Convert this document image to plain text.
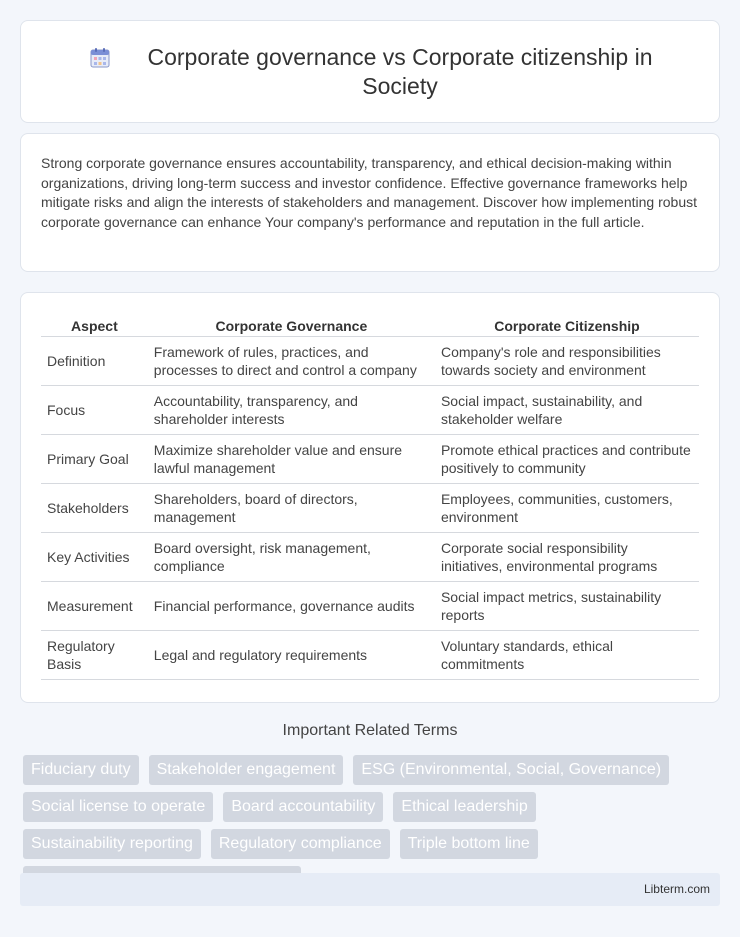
Corporate governance vs Corporate citizenship in Society

Strong corporate governance ensures accountability, transparency, and ethical decision-making within organizations, driving long-term success and investor confidence. Effective governance frameworks help mitigate risks and align the interests of stakeholders and management. Discover how implementing robust corporate governance can enhance Your company's performance and reputation in the full article.

Aspect	Corporate Governance	Corporate Citizenship
Definition	Framework of rules, practices, and processes to direct and control a company	Company's role and responsibilities towards society and environment
Focus	Accountability, transparency, and shareholder interests	Social impact, sustainability, and stakeholder welfare
Primary Goal	Maximize shareholder value and ensure lawful management	Promote ethical practices and contribute positively to community
Stakeholders	Shareholders, board of directors, management	Employees, communities, customers, environment
Key Activities	Board oversight, risk management, compliance	Corporate social responsibility initiatives, environmental programs
Measurement	Financial performance, governance audits	Social impact metrics, sustainability reports
Regulatory Basis	Legal and regulatory requirements	Voluntary standards, ethical commitments
Important Related Terms
Fiduciary duty	Stakeholder engagement	ESG (Environmental, Social, Governance)
Social license to operate	Board accountability	Ethical leadership
Sustainability reporting	Regulatory compliance	Triple bottom line
Libterm.com
